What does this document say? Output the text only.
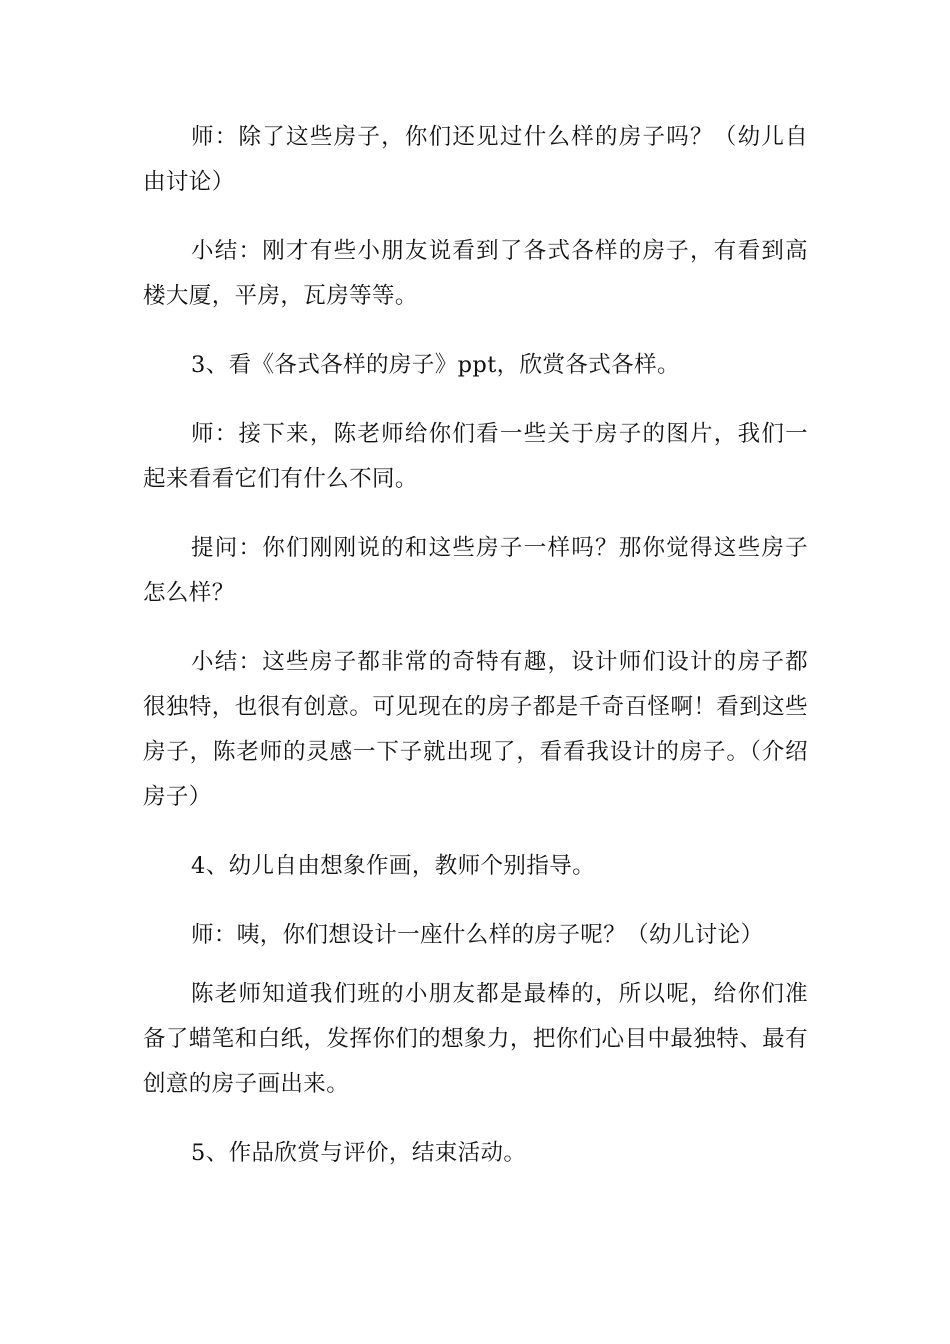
师：除了这些房子，你们还见过什么样的房子吗？（幼儿自由讨论）

小结：刚才有些小朋友说看到了各式各样的房子，有看到高楼大厦，平房，瓦房等等。

3、看《各式各样的房子》ppt，欣赏各式各样。

师：接下来，陈老师给你们看一些关于房子的图片，我们一起来看看它们有什么不同。

提问：你们刚刚说的和这些房子一样吗？那你觉得这些房子怎么样？

小结：这些房子都非常的奇特有趣，设计师们设计的房子都很独特，也很有创意。可见现在的房子都是千奇百怪啊！看到这些房子，陈老师的灵感一下子就出现了，看看我设计的房子。（介绍房子）

4、幼儿自由想象作画，教师个别指导。

师：咦，你们想设计一座什么样的房子呢？（幼儿讨论）

陈老师知道我们班的小朋友都是最棒的，所以呢，给你们准备了蜡笔和白纸，发挥你们的想象力，把你们心目中最独特、最有创意的房子画出来。

5、作品欣赏与评价，结束活动。
